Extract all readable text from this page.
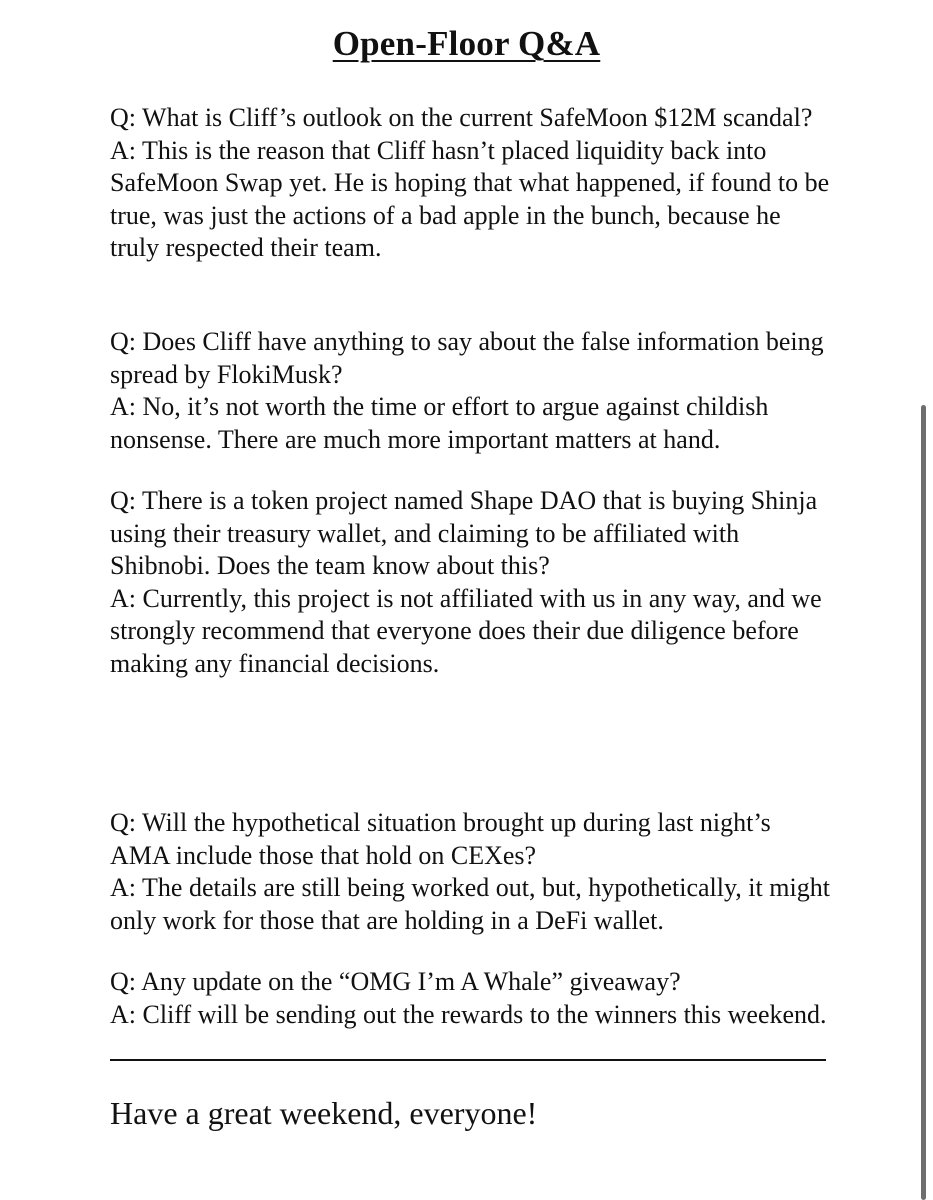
Open-Floor Q&A

Q: What is Cliff’s outlook on the current SafeMoon $12M scandal?

A: This is the reason that Cliff hasn’t placed liquidity back into SafeMoon Swap yet. He is hoping that what happened, if found to be true, was just the actions of a bad apple in the bunch, because he truly respected their team.

Q: Does Cliff have anything to say about the false information being spread by FlokiMusk?

A: No, it’s not worth the time or effort to argue against childish nonsense. There are much more important matters at hand.

Q: There is a token project named Shape DAO that is buying Shinja using their treasury wallet, and claiming to be affiliated with Shibnobi. Does the team know about this?

A: Currently, this project is not affiliated with us in any way, and we strongly recommend that everyone does their due diligence before making any financial decisions.

Q: Will the hypothetical situation brought up during last night’s AMA include those that hold on CEXes?

A: The details are still being worked out, but, hypothetically, it might only work for those that are holding in a DeFi wallet.

Q: Any update on the “OMG I’m A Whale” giveaway?

A: Cliff will be sending out the rewards to the winners this weekend.

Have a great weekend, everyone!
